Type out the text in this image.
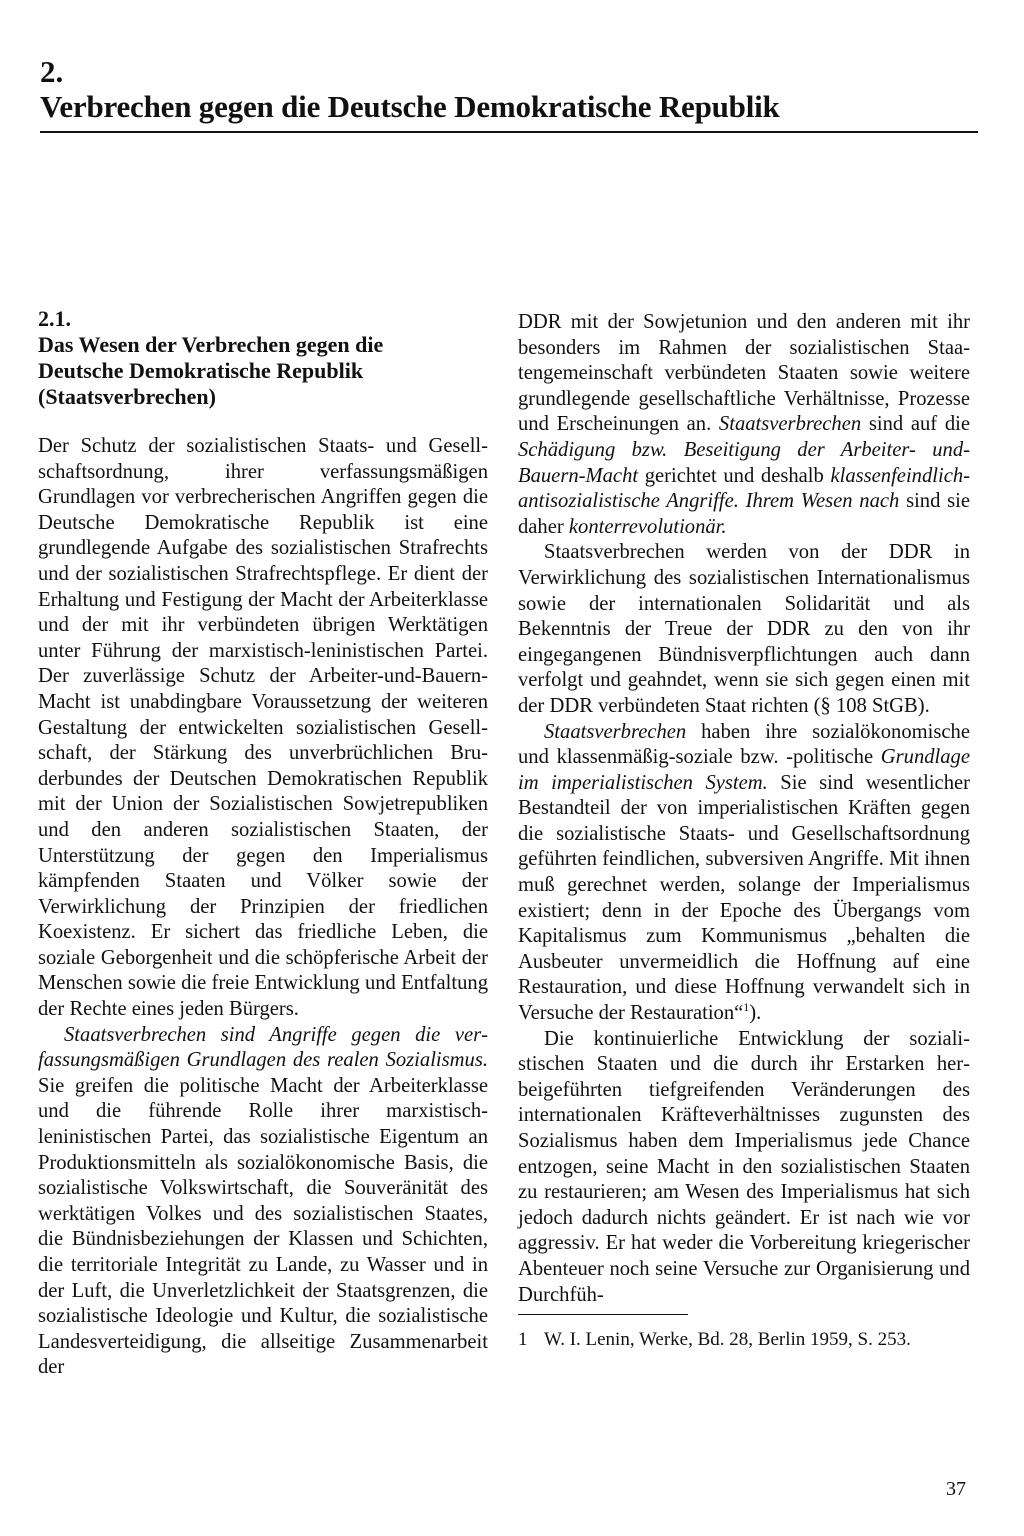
2.
Verbrechen gegen die Deutsche Demokratische Republik
2.1.
Das Wesen der Verbrechen gegen die
Deutsche Demokratische Republik
(Staatsverbrechen)

Der Schutz der sozialistischen Staats- und Gesellschaftsordnung, ihrer verfassungsmäßigen Grundlagen vor verbrecherischen Angriffen gegen die Deutsche Demokratische Republik ist eine grundlegende Aufgabe des sozialistischen Strafrechts und der sozialistischen Strafrechtspflege. Er dient der Erhaltung und Festigung der Macht der Arbeiterklasse und der mit ihr verbündeten übrigen Werktätigen unter Führung der marxistisch-leninistischen Partei. Der zuverlässige Schutz der Arbeiter-und-Bauern-Macht ist unabdingbare Voraussetzung der weiteren Gestaltung der entwickelten sozialistischen Gesellschaft, der Stärkung des unverbrüchlichen Bruderbundes der Deutschen Demokratischen Republik mit der Union der Sozialistischen Sowjetrepubliken und den anderen sozialistischen Staaten, der Unterstützung der gegen den Imperialismus kämpfenden Staaten und Völker sowie der Verwirklichung der Prinzipien der friedlichen Koexistenz. Er sichert das friedliche Leben, die soziale Geborgenheit und die schöpferische Arbeit der Menschen sowie die freie Entwicklung und Entfaltung der Rechte eines jeden Bürgers.

Staatsverbrechen sind Angriffe gegen die verfassungsmäßigen Grundlagen des realen Sozialismus. Sie greifen die politische Macht der Arbeiterklasse und die führende Rolle ihrer marxistisch-leninistischen Partei, das sozialistische Eigentum an Produktionsmitteln als sozialökonomische Basis, die sozialistische Volkswirtschaft, die Souveränität des werktätigen Volkes und des sozialistischen Staates, die Bündnisbeziehungen der Klassen und Schichten, die territoriale Integrität zu Lande, zu Wasser und in der Luft, die Unverletzlichkeit der Staatsgrenzen, die sozialistische Ideologie und Kultur, die sozialistische Landesverteidigung, die allseitige Zusammenarbeit der

DDR mit der Sowjetunion und den anderen mit ihr besonders im Rahmen der sozialistischen Staatengemeinschaft verbündeten Staaten sowie weitere grundlegende gesellschaftliche Verhältnisse, Prozesse und Erscheinungen an. Staatsverbrechen sind auf die Schädigung bzw. Beseitigung der Arbeiter- und-Bauern-Macht gerichtet und deshalb klassenfeindlich-antisozialistische Angriffe. Ihrem Wesen nach sind sie daher konterrevolutionär.

Staatsverbrechen werden von der DDR in Verwirklichung des sozialistischen Internationalismus sowie der internationalen Solidarität und als Bekenntnis der Treue der DDR zu den von ihr eingegangenen Bündnisverpflichtungen auch dann verfolgt und geahndet, wenn sie sich gegen einen mit der DDR verbündeten Staat richten (§ 108 StGB).

Staatsverbrechen haben ihre sozialökonomische und klassenmäßig-soziale bzw. -politische Grundlage im imperialistischen System. Sie sind wesentlicher Bestandteil der von imperialistischen Kräften gegen die sozialistische Staats- und Gesellschaftsordnung geführten feindlichen, subversiven Angriffe. Mit ihnen muß gerechnet werden, solange der Imperialismus existiert; denn in der Epoche des Übergangs vom Kapitalismus zum Kommunismus „behalten die Ausbeuter unvermeidlich die Hoffnung auf eine Restauration, und diese Hoffnung verwandelt sich in Versuche der Restauration“$^1$).

Die kontinuierliche Entwicklung der sozialistischen Staaten und die durch ihr Erstarken herbeigeführten tiefgreifenden Veränderungen des internationalen Kräfteverhältnisses zugunsten des Sozialismus haben dem Imperialismus jede Chance entzogen, seine Macht in den sozialistischen Staaten zu restaurieren; am Wesen des Imperialismus hat sich jedoch dadurch nichts geändert. Er ist nach wie vor aggressiv. Er hat weder die Vorbereitung kriegerischer Abenteuer noch seine Versuche zur Organisierung und Durchfüh-

1 W. I. Lenin, Werke, Bd. 28, Berlin 1959, S. 253.
37
